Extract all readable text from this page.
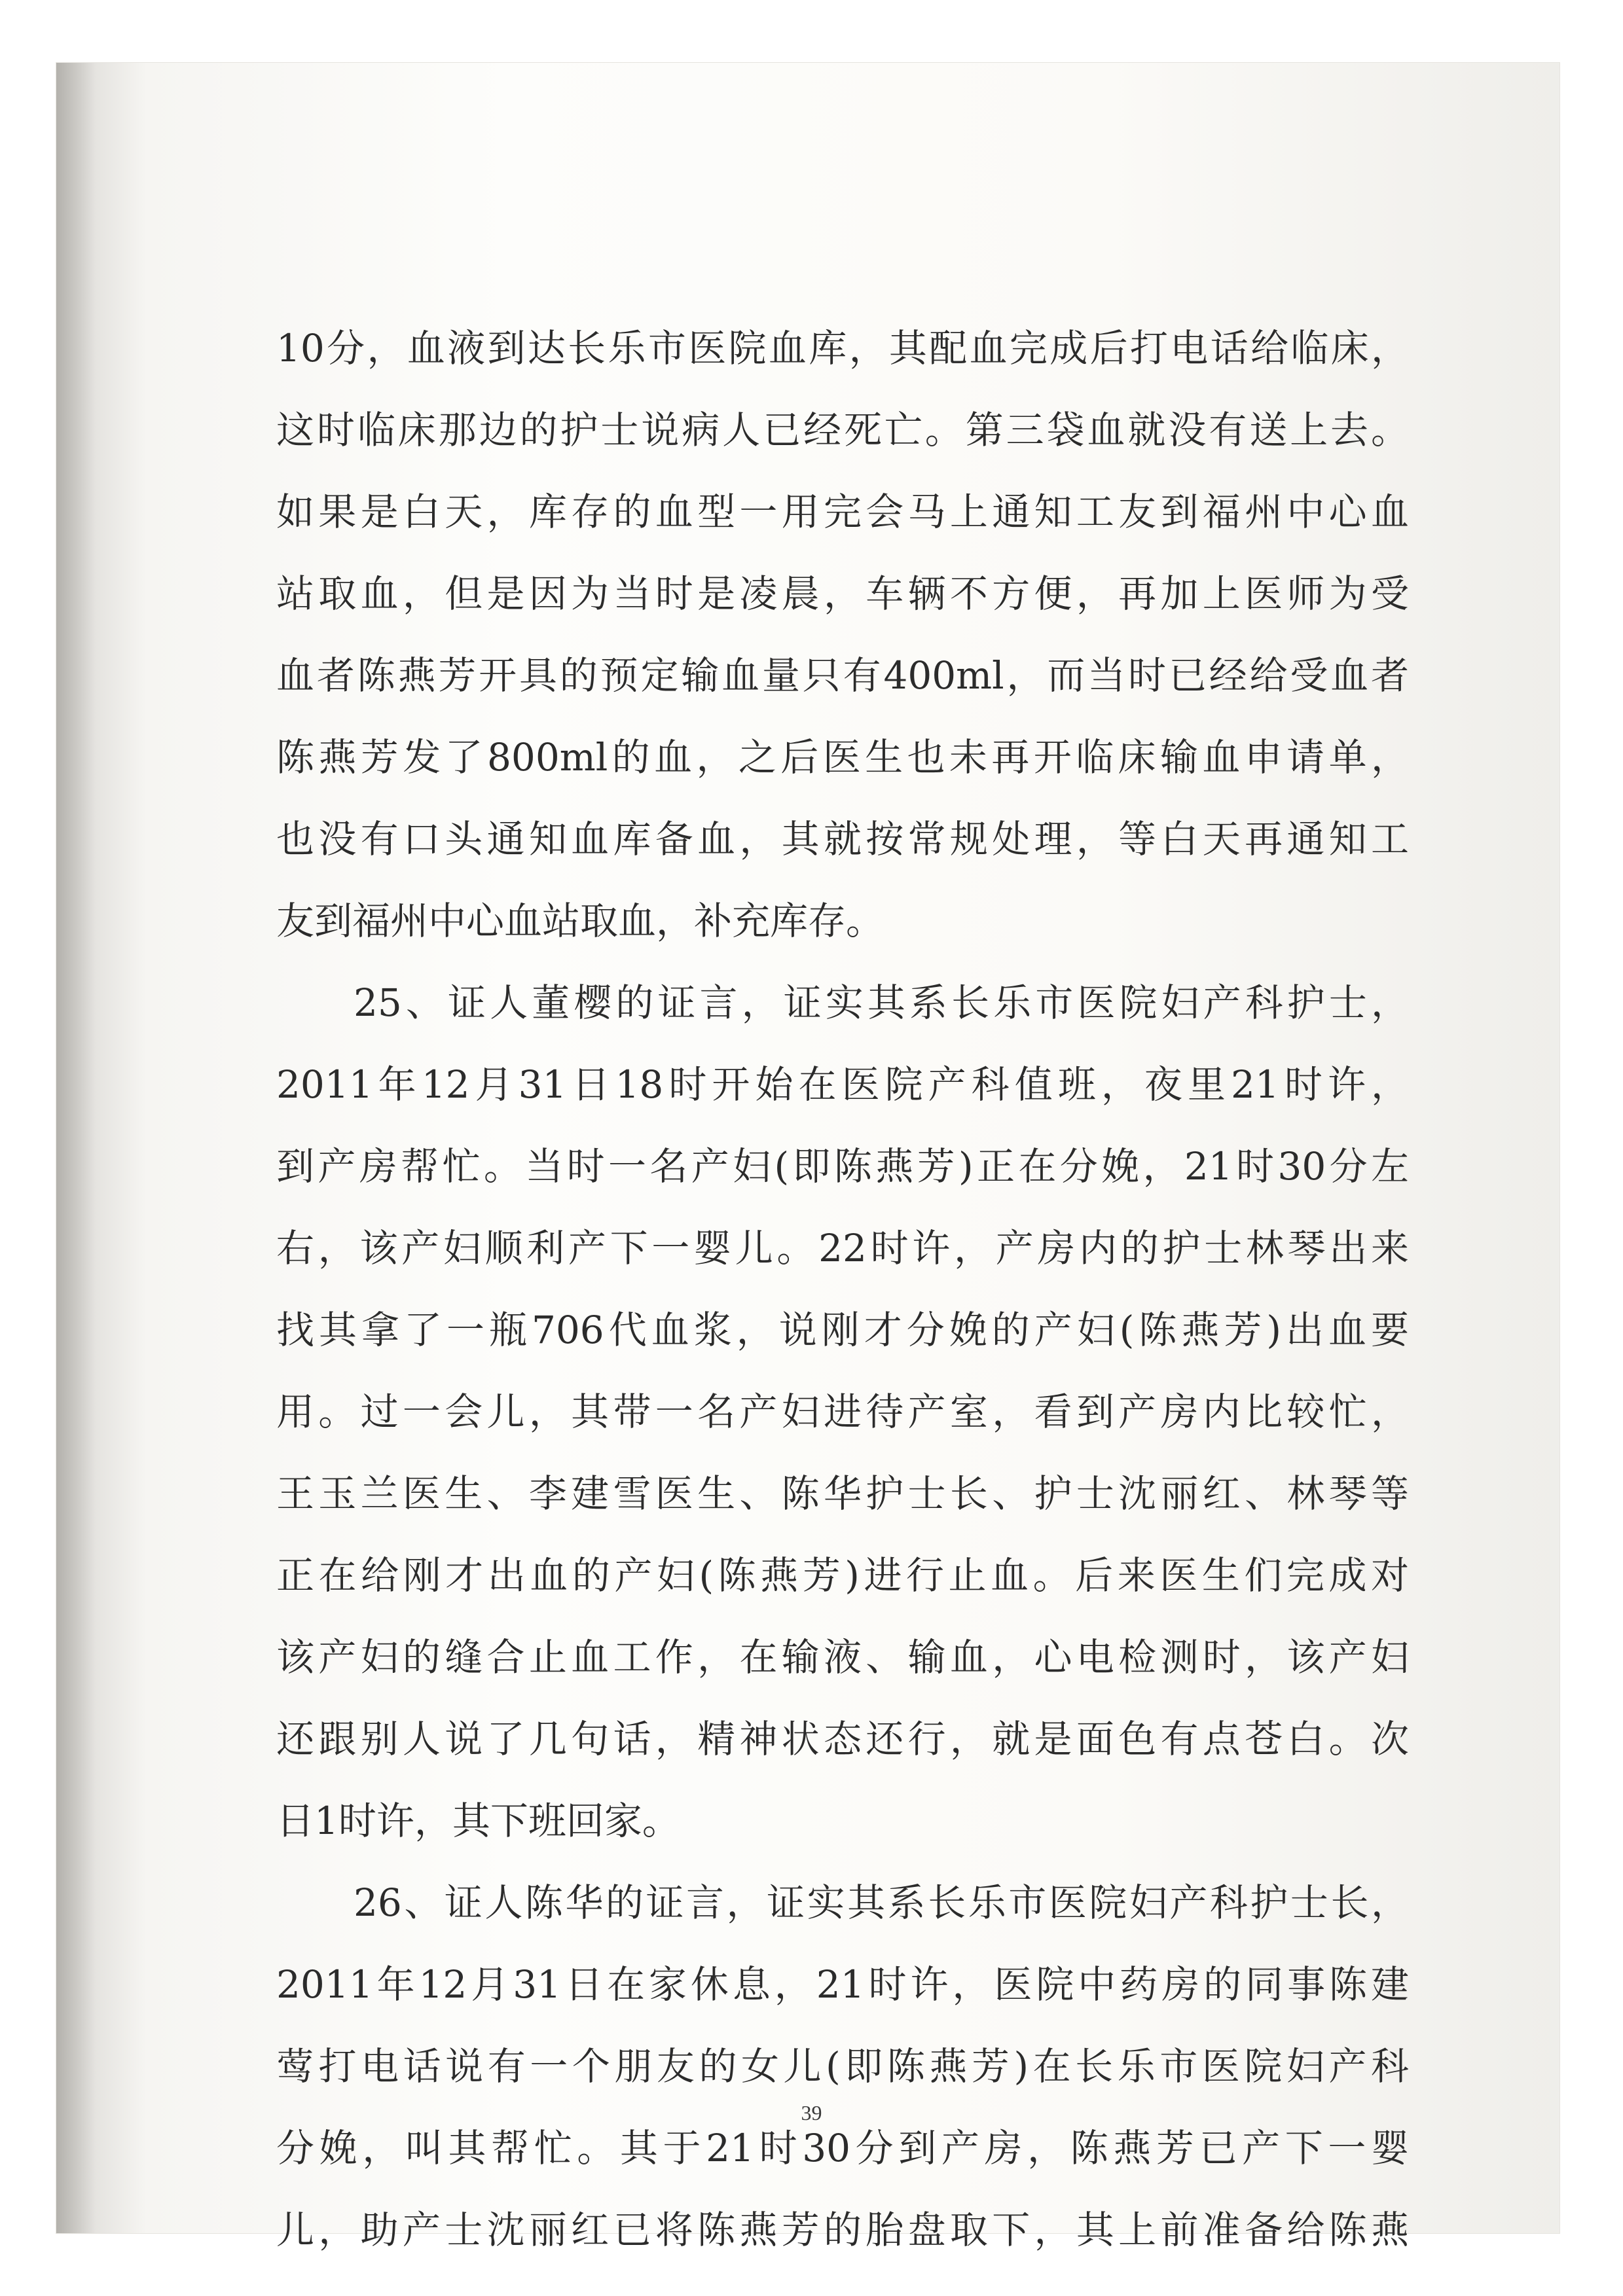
10分，血液到达长乐市医院血库，其配血完成后打电话给临床，
这时临床那边的护士说病人已经死亡。第三袋血就没有送上去。
如果是白天，库存的血型一用完会马上通知工友到福州中心血
站取血，但是因为当时是凌晨，车辆不方便，再加上医师为受
血者陈燕芳开具的预定输血量只有400ml，而当时已经给受血者
陈燕芳发了800ml的血，之后医生也未再开临床输血申请单，
也没有口头通知血库备血，其就按常规处理，等白天再通知工
友到福州中心血站取血，补充库存。
25、证人董樱的证言，证实其系长乐市医院妇产科护士，
2011年12月31日18时开始在医院产科值班，夜里21时许，
到产房帮忙。当时一名产妇(即陈燕芳)正在分娩，21时30分左
右，该产妇顺利产下一婴儿。22时许，产房内的护士林琴出来
找其拿了一瓶706代血浆，说刚才分娩的产妇(陈燕芳)出血要
用。过一会儿，其带一名产妇进待产室，看到产房内比较忙，
王玉兰医生、李建雪医生、陈华护士长、护士沈丽红、林琴等
正在给刚才出血的产妇(陈燕芳)进行止血。后来医生们完成对
该产妇的缝合止血工作，在输液、输血，心电检测时，该产妇
还跟别人说了几句话，精神状态还行，就是面色有点苍白。次
日1时许，其下班回家。
26、证人陈华的证言，证实其系长乐市医院妇产科护士长，
2011年12月31日在家休息，21时许，医院中药房的同事陈建
莺打电话说有一个朋友的女儿(即陈燕芳)在长乐市医院妇产科
分娩，叫其帮忙。其于21时30分到产房，陈燕芳已产下一婴
儿，助产士沈丽红已将陈燕芳的胎盘取下，其上前准备给陈燕
39
